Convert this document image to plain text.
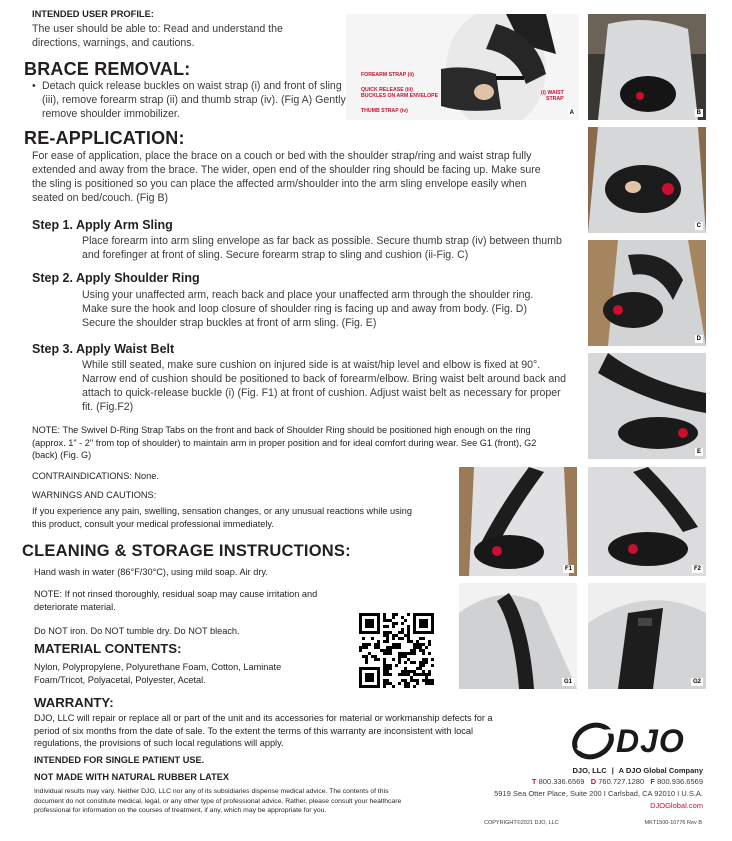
INTENDED USER PROFILE:
The user should be able to: Read and understand the directions, warnings, and cautions.
BRACE REMOVAL:
• Detach quick release buckles on waist strap (i) and front of sling (iii), remove forearm strap (ii) and thumb strap (iv). (Fig A) Gently remove shoulder immobilizer.
RE-APPLICATION:
For ease of application, place the brace on a couch or bed with the shoulder strap/ring and waist strap fully extended and away from the brace. The wider, open end of the shoulder ring should be facing up. Make sure the sling is positioned so you can place the affected arm/shoulder into the arm sling envelope easily when seated on bed/couch. (Fig B)
Step 1. Apply Arm Sling
Place forearm into arm sling envelope as far back as possible. Secure thumb strap (iv) between thumb and forefinger at front of sling. Secure forearm strap to sling and cushion (ii-Fig. C)
Step 2. Apply Shoulder Ring
Using your unaffected arm, reach back and place your unaffected arm through the shoulder ring. Make sure the hook and loop closure of shoulder ring is facing up and away from body. (Fig. D) Secure the shoulder strap buckles at front of arm sling. (Fig. E)
Step 3. Apply Waist Belt
While still seated, make sure cushion on injured side is at waist/hip level and elbow is fixed at 90°. Narrow end of cushion should be positioned to back of forearm/elbow. Bring waist belt around back and attach to quick-release buckle (i) (Fig. F1) at front of cushion. Adjust waist belt as necessary for proper fit. (Fig.F2)
NOTE: The Swivel D-Ring Strap Tabs on the front and back of Shoulder Ring should be positioned high enough on the ring (approx. 1" - 2" from top of shoulder) to maintain arm in proper position and for ideal comfort during wear. See G1 (front), G2 (back) (Fig. G)
CONTRAINDICATIONS: None.
WARNINGS AND CAUTIONS:
If you experience any pain, swelling, sensation changes, or any unusual reactions while using this product, consult your medical professional immediately.
CLEANING & STORAGE INSTRUCTIONS:
Hand wash in water (86°F/30°C), using mild soap. Air dry.
NOTE: If not rinsed thoroughly, residual soap may cause irritation and deteriorate material.
Do NOT iron. Do NOT tumble dry. Do NOT bleach.
MATERIAL CONTENTS:
Nylon, Polypropylene, Polyurethane Foam, Cotton, Laminate Foam/Tricot, Polyacetal, Polyester, Acetal.
WARRANTY:
DJO, LLC will repair or replace all or part of the unit and its accessories for material or workmanship defects for a period of six months from the date of sale. To the extent the terms of this warranty are inconsistent with local regulations, the provisions of such local regulations will apply.
INTENDED FOR SINGLE PATIENT USE.
NOT MADE WITH NATURAL RUBBER LATEX
Individual results may vary. Neither DJO, LLC nor any of its subsidiaries dispense medical advice. The contents of this document do not constitute medical, legal, or any other type of professional advice. Rather, please consult your healthcare professional for information on the courses of treatment, if any, which may be appropriate for you.
DJO
DJO, LLC | A DJO Global Company
T 800.336.6569 D 760.727.1280 F 800.936.6569
5919 Sea Otter Place, Suite 200 I Carlsbad, CA 92010 I U.S.A.
DJOGlobal.com
COPYRIGHT©2021 DJO, LLC	MKT1500-10776 Rev B
FOREARM STRAP (ii)
QUICK RELEASE (iii)
BUCKLES ON ARM ENVELOPE
THUMB STRAP (iv)
(i) WAIST
STRAP
A	B
C
D
E
F1	F2
G1	G2
